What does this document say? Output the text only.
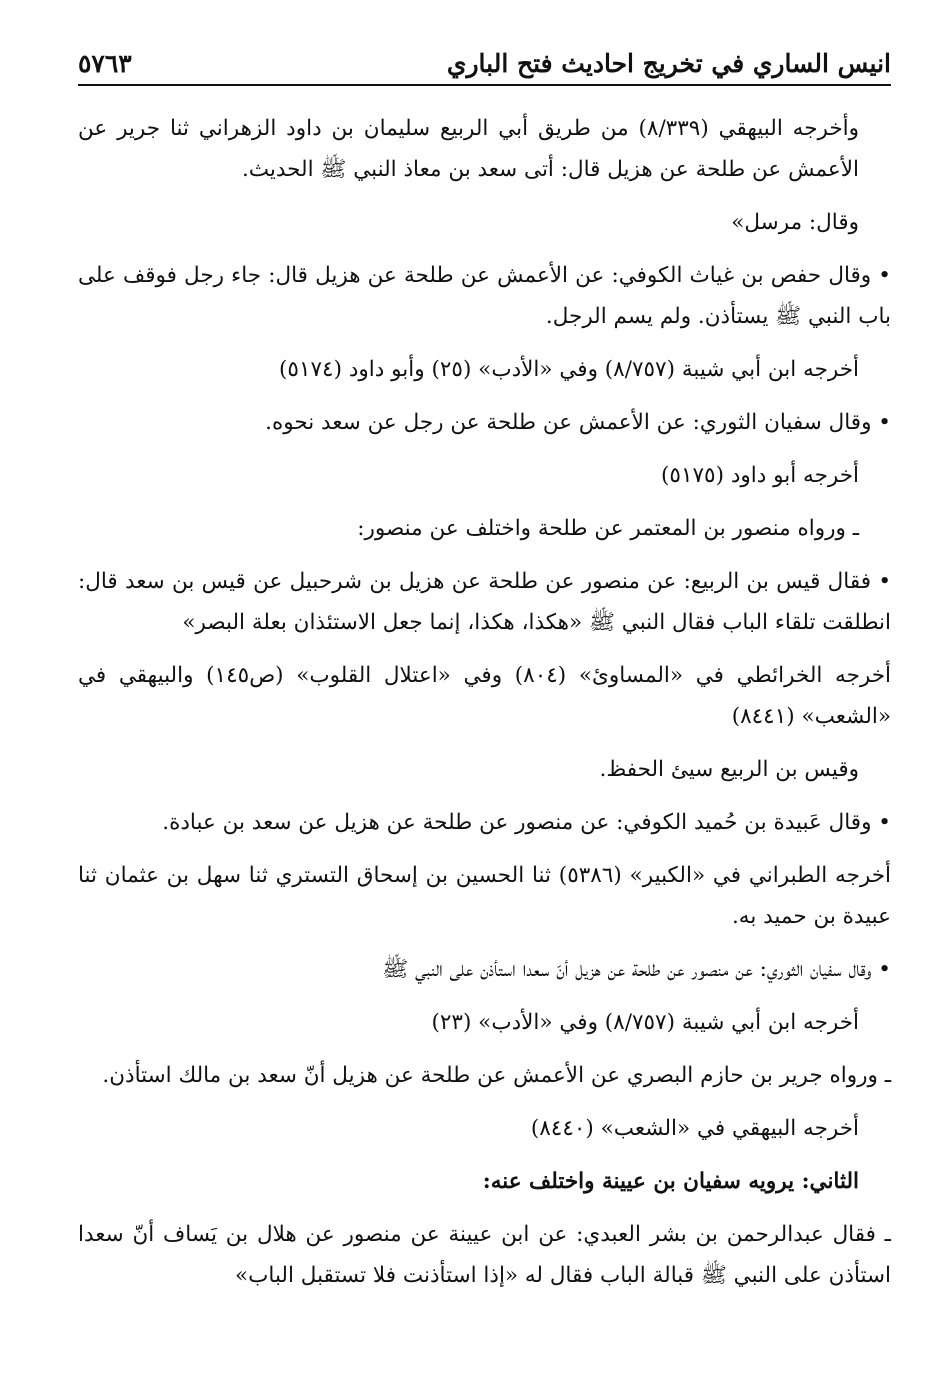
انيس الساري في تخريج احاديث فتح الباري
٥٧٦٣

وأخرجه البيهقي (٨/٣٣٩) من طريق أبي الربيع سليمان بن داود الزهراني ثنا جرير عن الأعمش عن طلحة عن هزيل قال: أتى سعد بن معاذ النبي ﷺ الحديث.

وقال: مرسل»

• وقال حفص بن غياث الكوفي: عن الأعمش عن طلحة عن هزيل قال: جاء رجل فوقف على باب النبي ﷺ يستأذن. ولم يسم الرجل.

أخرجه ابن أبي شيبة (٨/٧٥٧) وفي «الأدب» (٢٥) وأبو داود (٥١٧٤)

• وقال سفيان الثوري: عن الأعمش عن طلحة عن رجل عن سعد نحوه.

أخرجه أبو داود (٥١٧٥)

ـ ورواه منصور بن المعتمر عن طلحة واختلف عن منصور:

• فقال قيس بن الربيع: عن منصور عن طلحة عن هزيل بن شرحبيل عن قيس بن سعد قال: انطلقت تلقاء الباب فقال النبي ﷺ «هكذا، هكذا، إنما جعل الاستئذان بعلة البصر»

أخرجه الخرائطي في «المساوئ» (٨٠٤) وفي «اعتلال القلوب» (ص١٤٥) والبيهقي في «الشعب» (٨٤٤١)

وقيس بن الربيع سيئ الحفظ.

• وقال عَبيدة بن حُميد الكوفي: عن منصور عن طلحة عن هزيل عن سعد بن عبادة.

أخرجه الطبراني في «الكبير» (٥٣٨٦) ثنا الحسين بن إسحاق التستري ثنا سهل بن عثمان ثنا عبيدة بن حميد به.

• وقال سفيان الثوري: عن منصور عن طلحة عن هزيل أنّ سعدا استأذن على النبي ﷺ

أخرجه ابن أبي شيبة (٨/٧٥٧) وفي «الأدب» (٢٣)

ـ ورواه جرير بن حازم البصري عن الأعمش عن طلحة عن هزيل أنّ سعد بن مالك استأذن.

أخرجه البيهقي في «الشعب» (٨٤٤٠)

الثاني: يرويه سفيان بن عيينة واختلف عنه:

ـ فقال عبدالرحمن بن بشر العبدي: عن ابن عيينة عن منصور عن هلال بن يَساف أنّ سعدا استأذن على النبي ﷺ قبالة الباب فقال له «إذا استأذنت فلا تستقبل الباب»
